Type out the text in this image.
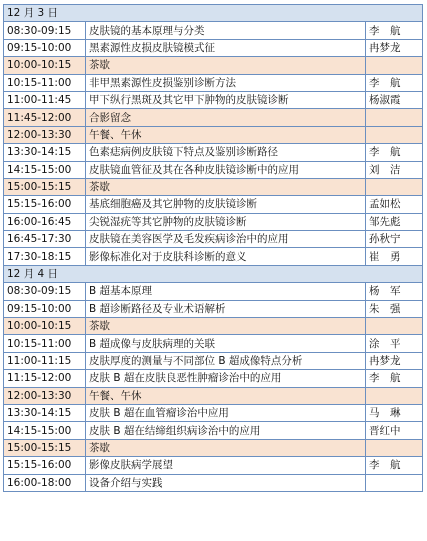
12 月 3 日		
08:30-09:15	皮肤镜的基本原理与分类	李　航
09:15-10:00	黑素源性皮损皮肤镜模式征	冉梦龙
10:00-10:15	茶歇	
10:15-11:00	非甲黑素源性皮损鉴别诊断方法	李　航
11:00-11:45	甲下纵行黑斑及其它甲下肿物的皮肤镜诊断	杨淑霞
11:45-12:00	合影留念	
12:00-13:30	午餐、午休	
13:30-14:15	色素痣病例皮肤镜下特点及鉴别诊断路径	李　航
14:15-15:00	皮肤镜血管征及其在各种皮肤镜诊断中的应用	刘　洁
15:00-15:15	茶歇	
15:15-16:00	基底细胞癌及其它肿物的皮肤镜诊断	孟如松
16:00-16:45	尖锐湿疣等其它肿物的皮肤镜诊断	邹先彪
16:45-17:30	皮肤镜在美容医学及毛发疾病诊治中的应用	孙秋宁
17:30-18:15	影像标准化对于皮肤科诊断的意义	崔　勇
12 月 4 日		
08:30-09:15	B 超基本原理	杨　军
09:15-10:00	B 超诊断路径及专业术语解析	朱　强
10:00-10:15	茶歇	
10:15-11:00	B 超成像与皮肤病理的关联	涂　平
11:00-11:15	皮肤厚度的测量与不同部位 B 超成像特点分析	冉梦龙
11:15-12:00	皮肤 B 超在皮肤良恶性肿瘤诊治中的应用	李　航
12:00-13:30	午餐、午休	
13:30-14:15	皮肤 B 超在血管瘤诊治中应用	马　琳
14:15-15:00	皮肤 B 超在结缔组织病诊治中的应用	晋红中
15:00-15:15	茶歇	
15:15-16:00	影像皮肤病学展望	李　航
16:00-18:00	设备介绍与实践	
